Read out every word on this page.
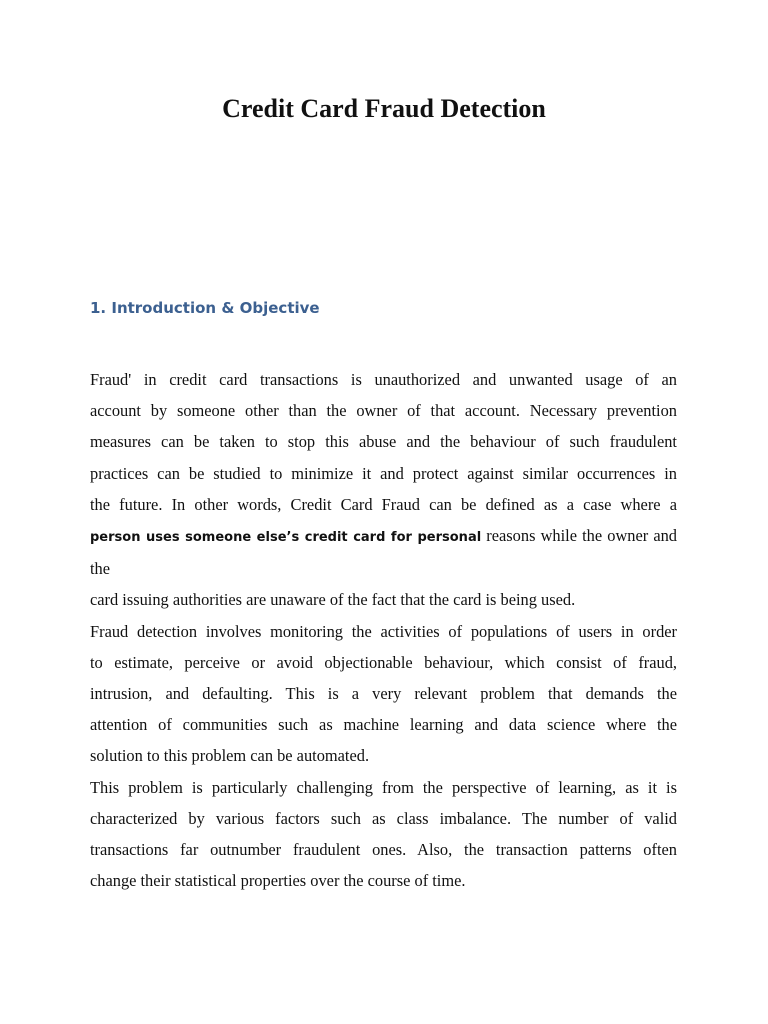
Credit Card Fraud Detection
1. Introduction & Objective

Fraud' in credit card transactions is unauthorized and unwanted usage of an

account by someone other than the owner of that account. Necessary prevention

measures can be taken to stop this abuse and the behaviour of such fraudulent

practices can be studied to minimize it and protect against similar occurrences in

the future. In other words, Credit Card Fraud can be defined as a case where a

person uses someone else’s credit card for personal reasons while the owner and

the

card issuing authorities are unaware of the fact that the card is being used.

Fraud detection involves monitoring the activities of populations of users in order

to estimate, perceive or avoid objectionable behaviour, which consist of fraud,

intrusion, and defaulting. This is a very relevant problem that demands the

attention of communities such as machine learning and data science where the

solution to this problem can be automated.

This problem is particularly challenging from the perspective of learning, as it is

characterized by various factors such as class imbalance. The number of valid

transactions far outnumber fraudulent ones. Also, the transaction patterns often

change their statistical properties over the course of time.
